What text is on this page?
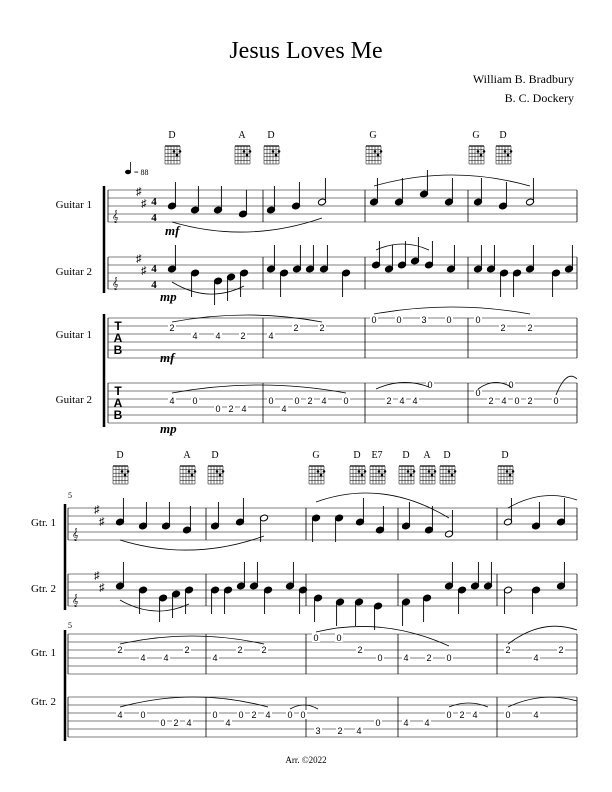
Jesus Loves Me
William B. Bradbury
B. C. Dockery
Arr. ©2022
Guitar 1
Guitar 2
Guitar 1
Guitar 2
𝄞
𝄞
♯
♯
♯
♯
4
4
4
4
T
A
B
T
A
B
= 88
D	A D	G	G D
mf
mp
mf
mp
2
4 4 2	4
2 2
0 0 3 0	0
2 2
4 0	0
0
0
0
0
0 2 4	4
0 2 4 0	2 4 4	2 4 0 2
Gtr. 1
Gtr. 2
Gtr. 1
Gtr. 2
5
5
𝄞
𝄞
♯
♯
♯
♯
D	A D	G	D E7 D A D	D
2
4 4
2
4
2 2
0 0
2
0 4 2 0
2
4
2
4 0
0 2 4
0
4
0 2 4 0 0
3 2 4
0	4 4
0 2 4	0	4
